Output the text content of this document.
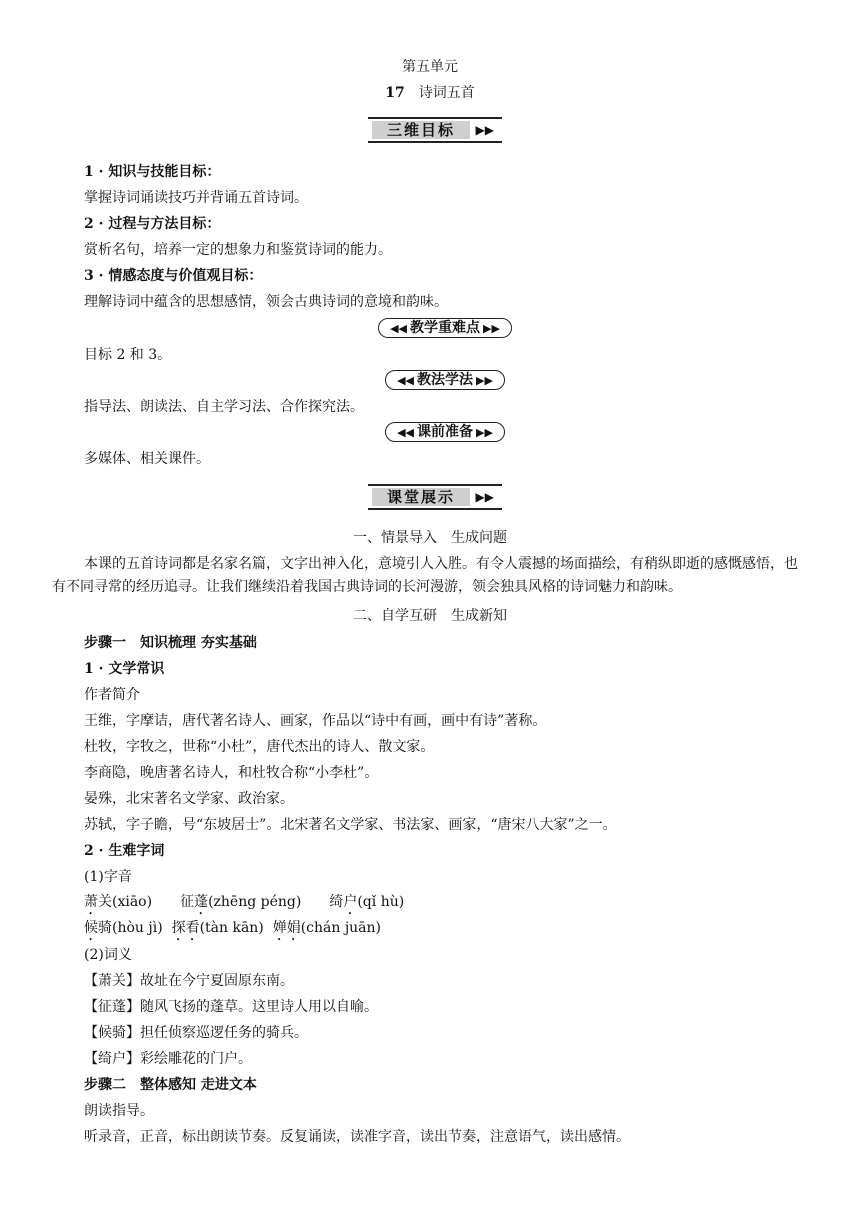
第五单元
17 诗词五首
三维目标	▶▶
1 · 知识与技能目标：
掌握诗词诵读技巧并背诵五首诗词。
2 · 过程与方法目标：
赏析名句，培养一定的想象力和鉴赏诗词的能力。
3 · 情感态度与价值观目标：
理解诗词中蕴含的思想感情，领会古典诗词的意境和韵味。
◀◀ 教学重难点 ▶▶
目标 2 和 3。
◀◀ 教法学法 ▶▶
指导法、朗读法、自主学习法、合作探究法。
◀◀ 课前准备 ▶▶
多媒体、相关课件。
课堂展示	▶▶
一、情景导入　生成问题
本课的五首诗词都是名家名篇，文字出神入化，意境引人入胜。有令人震撼的场面描绘，有稍纵即逝的感慨感悟，也有不同寻常的经历追寻。让我们继续沿着我国古典诗词的长河漫游，领会独具风格的诗词魅力和韵味。
二、自学互研　生成新知
步骤一　知识梳理 夯实基础
1 · 文学常识
作者简介
王维，字摩诘，唐代著名诗人、画家，作品以“诗中有画，画中有诗”著称。
杜牧，字牧之，世称“小杜”，唐代杰出的诗人、散文家。
李商隐，晚唐著名诗人，和杜牧合称“小李杜”。
晏殊，北宋著名文学家、政治家。
苏轼，字子瞻，号“东坡居士”。北宋著名文学家、书法家、画家，“唐宋八大家”之一。
2 · 生难字词
(1)字音
萧关(xiāo) 征蓬(zhēng péng) 绮户(qǐ hù)
候骑(hòu jì) 探看(tàn kān) 婵娟(chán juān)
(2)词义
【萧关】故址在今宁夏固原东南。
【征蓬】随风飞扬的蓬草。这里诗人用以自喻。
【候骑】担任侦察巡逻任务的骑兵。
【绮户】彩绘雕花的门户。
步骤二　整体感知 走进文本
朗读指导。
听录音，正音，标出朗读节奏。反复诵读，读准字音，读出节奏，注意语气，读出感情。
